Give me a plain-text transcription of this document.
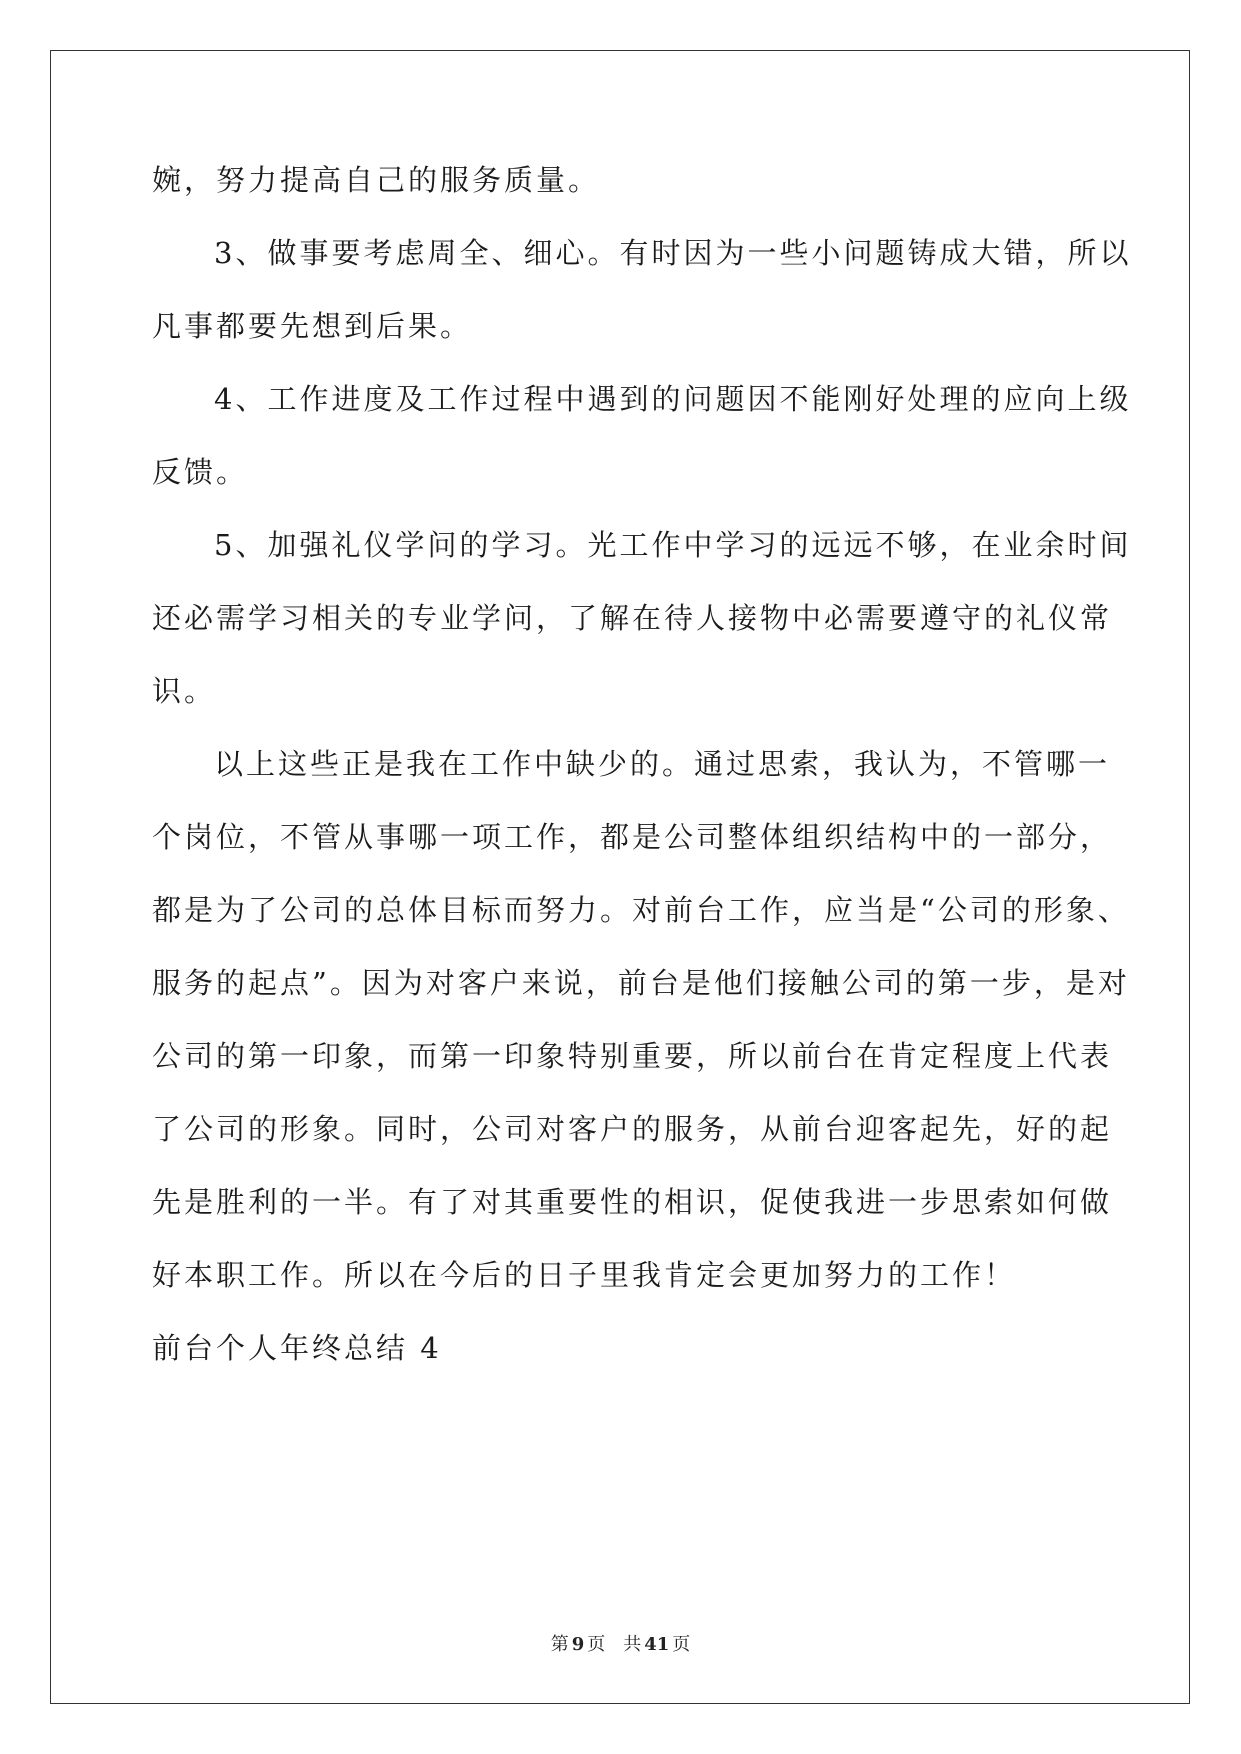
婉，努力提高自己的服务质量。
3、做事要考虑周全、细心。有时因为一些小问题铸成大错，所以
凡事都要先想到后果。
4、工作进度及工作过程中遇到的问题因不能刚好处理的应向上级
反馈。
5、加强礼仪学问的学习。光工作中学习的远远不够，在业余时间
还必需学习相关的专业学问，了解在待人接物中必需要遵守的礼仪常
识。
以上这些正是我在工作中缺少的。通过思索，我认为，不管哪一
个岗位，不管从事哪一项工作，都是公司整体组织结构中的一部分，
都是为了公司的总体目标而努力。对前台工作，应当是“公司的形象、
服务的起点”。因为对客户来说，前台是他们接触公司的第一步，是对
公司的第一印象，而第一印象特别重要，所以前台在肯定程度上代表
了公司的形象。同时，公司对客户的服务，从前台迎客起先，好的起
先是胜利的一半。有了对其重要性的相识，促使我进一步思索如何做
好本职工作。所以在今后的日子里我肯定会更加努力的工作！
前台个人年终总结 4
第 9 页 共 41 页
